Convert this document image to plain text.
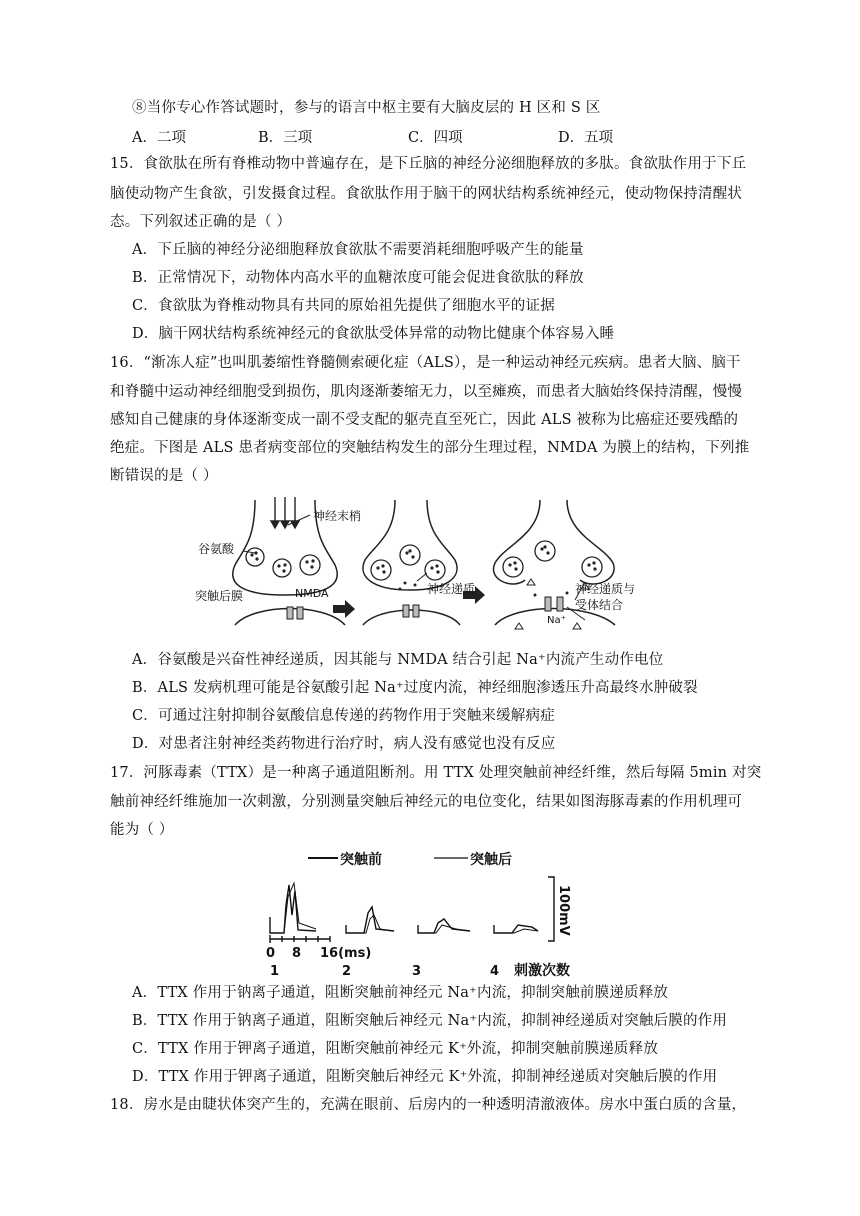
⑧当你专心作答试题时，参与的语言中枢主要有大脑皮层的 H 区和 S 区
A．二项	B．三项	C．四项	D．五项
15．食欲肽在所有脊椎动物中普遍存在，是下丘脑的神经分泌细胞释放的多肽。食欲肽作用于下丘
脑使动物产生食欲，引发摄食过程。食欲肽作用于脑干的网状结构系统神经元，使动物保持清醒状
态。下列叙述正确的是（ ）
A．下丘脑的神经分泌细胞释放食欲肽不需要消耗细胞呼吸产生的能量
B．正常情况下，动物体内高水平的血糖浓度可能会促进食欲肽的释放
C．食欲肽为脊椎动物具有共同的原始祖先提供了细胞水平的证据
D．脑干网状结构系统神经元的食欲肽受体异常的动物比健康个体容易入睡
16．“渐冻人症”也叫肌萎缩性脊髓侧索硬化症（ALS），是一种运动神经元疾病。患者大脑、脑干
和脊髓中运动神经细胞受到损伤，肌肉逐渐萎缩无力，以至瘫痪，而患者大脑始终保持清醒，慢慢
感知自己健康的身体逐渐变成一副不受支配的躯壳直至死亡，因此 ALS 被称为比癌症还要残酷的
绝症。下图是 ALS 患者病变部位的突触结构发生的部分生理过程，NMDA 为膜上的结构，下列推
断错误的是（ ）
神经末梢
谷氨酸
突触后膜	NMDA	神经递质	神经递质与
受体结合
Na⁺
A．谷氨酸是兴奋性神经递质，因其能与 NMDA 结合引起 Na⁺内流产生动作电位
B．ALS 发病机理可能是谷氨酸引起 Na⁺过度内流，神经细胞渗透压升高最终水肿破裂
C．可通过注射抑制谷氨酸信息传递的药物作用于突触来缓解病症
D．对患者注射神经类药物进行治疗时，病人没有感觉也没有反应
17．河豚毒素（TTX）是一种离子通道阻断剂。用 TTX 处理突触前神经纤维，然后每隔 5min 对突
触前神经纤维施加一次刺激，分别测量突触后神经元的电位变化，结果如图海豚毒素的作用机理可
能为（ ）
突触前	突触后
100mV
0 8 16(ms)
1	2	3	4 刺激次数
A．TTX 作用于钠离子通道，阻断突触前神经元 Na⁺内流，抑制突触前膜递质释放
B．TTX 作用于钠离子通道，阻断突触后神经元 Na⁺内流，抑制神经递质对突触后膜的作用
C．TTX 作用于钾离子通道，阻断突触前神经元 K⁺外流，抑制突触前膜递质释放
D．TTX 作用于钾离子通道，阻断突触后神经元 K⁺外流，抑制神经递质对突触后膜的作用
18．房水是由睫状体突产生的，充满在眼前、后房内的一种透明清澈液体。房水中蛋白质的含量，
